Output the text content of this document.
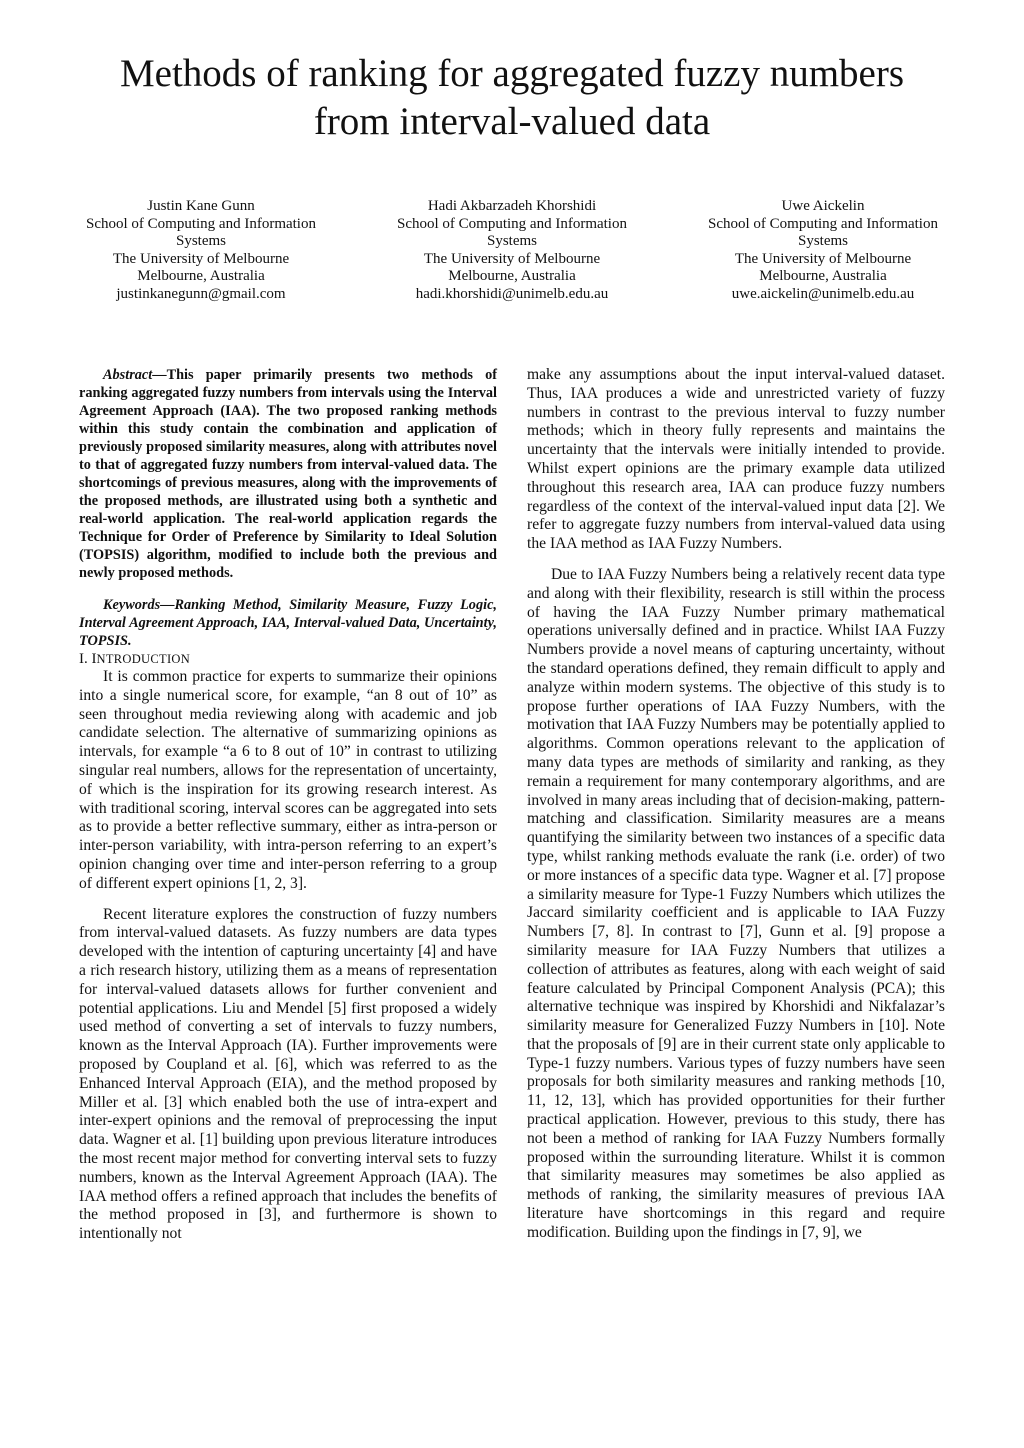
Methods of ranking for aggregated fuzzy numbers
from interval-valued data
Justin Kane Gunn
School of Computing and Information
Systems
The University of Melbourne
Melbourne, Australia
justinkanegunn@gmail.com
Hadi Akbarzadeh Khorshidi
School of Computing and Information
Systems
The University of Melbourne
Melbourne, Australia
hadi.khorshidi@unimelb.edu.au
Uwe Aickelin
School of Computing and Information
Systems
The University of Melbourne
Melbourne, Australia
uwe.aickelin@unimelb.edu.au

Abstract—This paper primarily presents two methods of ranking aggregated fuzzy numbers from intervals using the Interval Agreement Approach (IAA). The two proposed ranking methods within this study contain the combination and application of previously proposed similarity measures, along with attributes novel to that of aggregated fuzzy numbers from interval-valued data. The shortcomings of previous measures, along with the improvements of the proposed methods, are illustrated using both a synthetic and real-world application. The real-world application regards the Technique for Order of Preference by Similarity to Ideal Solution (TOPSIS) algorithm, modified to include both the previous and newly proposed methods.

Keywords—Ranking Method, Similarity Measure, Fuzzy Logic, Interval Agreement Approach, IAA, Interval-valued Data, Uncertainty, TOPSIS.

I. INTRODUCTION

It is common practice for experts to summarize their opinions into a single numerical score, for example, “an 8 out of 10” as seen throughout media reviewing along with academic and job candidate selection. The alternative of summarizing opinions as intervals, for example “a 6 to 8 out of 10” in contrast to utilizing singular real numbers, allows for the representation of uncertainty, of which is the inspiration for its growing research interest. As with traditional scoring, interval scores can be aggregated into sets as to provide a better reflective summary, either as intra-person or inter-person variability, with intra-person referring to an expert’s opinion changing over time and inter-person referring to a group of different expert opinions [1, 2, 3].

Recent literature explores the construction of fuzzy numbers from interval-valued datasets. As fuzzy numbers are data types developed with the intention of capturing uncertainty [4] and have a rich research history, utilizing them as a means of representation for interval-valued datasets allows for further convenient and potential applications. Liu and Mendel [5] first proposed a widely used method of converting a set of intervals to fuzzy numbers, known as the Interval Approach (IA). Further improvements were proposed by Coupland et al. [6], which was referred to as the Enhanced Interval Approach (EIA), and the method proposed by Miller et al. [3] which enabled both the use of intra-expert and inter-expert opinions and the removal of preprocessing the input data. Wagner et al. [1] building upon previous literature introduces the most recent major method for converting interval sets to fuzzy numbers, known as the Interval Agreement Approach (IAA). The IAA method offers a refined approach that includes the benefits of the method proposed in [3], and furthermore is shown to intentionally not

make any assumptions about the input interval-valued dataset. Thus, IAA produces a wide and unrestricted variety of fuzzy numbers in contrast to the previous interval to fuzzy number methods; which in theory fully represents and maintains the uncertainty that the intervals were initially intended to provide. Whilst expert opinions are the primary example data utilized throughout this research area, IAA can produce fuzzy numbers regardless of the context of the interval-valued input data [2]. We refer to aggregate fuzzy numbers from interval-valued data using the IAA method as IAA Fuzzy Numbers.

Due to IAA Fuzzy Numbers being a relatively recent data type and along with their flexibility, research is still within the process of having the IAA Fuzzy Number primary mathematical operations universally defined and in practice. Whilst IAA Fuzzy Numbers provide a novel means of capturing uncertainty, without the standard operations defined, they remain difficult to apply and analyze within modern systems. The objective of this study is to propose further operations of IAA Fuzzy Numbers, with the motivation that IAA Fuzzy Numbers may be potentially applied to algorithms. Common operations relevant to the application of many data types are methods of similarity and ranking, as they remain a requirement for many contemporary algorithms, and are involved in many areas including that of decision-making, pattern-matching and classification. Similarity measures are a means quantifying the similarity between two instances of a specific data type, whilst ranking methods evaluate the rank (i.e. order) of two or more instances of a specific data type. Wagner et al. [7] propose a similarity measure for Type-1 Fuzzy Numbers which utilizes the Jaccard similarity coefficient and is applicable to IAA Fuzzy Numbers [7, 8]. In contrast to [7], Gunn et al. [9] propose a similarity measure for IAA Fuzzy Numbers that utilizes a collection of attributes as features, along with each weight of said feature calculated by Principal Component Analysis (PCA); this alternative technique was inspired by Khorshidi and Nikfalazar’s similarity measure for Generalized Fuzzy Numbers in [10]. Note that the proposals of [9] are in their current state only applicable to Type-1 fuzzy numbers. Various types of fuzzy numbers have seen proposals for both similarity measures and ranking methods [10, 11, 12, 13], which has provided opportunities for their further practical application. However, previous to this study, there has not been a method of ranking for IAA Fuzzy Numbers formally proposed within the surrounding literature. Whilst it is common that similarity measures may sometimes be also applied as methods of ranking, the similarity measures of previous IAA literature have shortcomings in this regard and require modification. Building upon the findings in [7, 9], we
